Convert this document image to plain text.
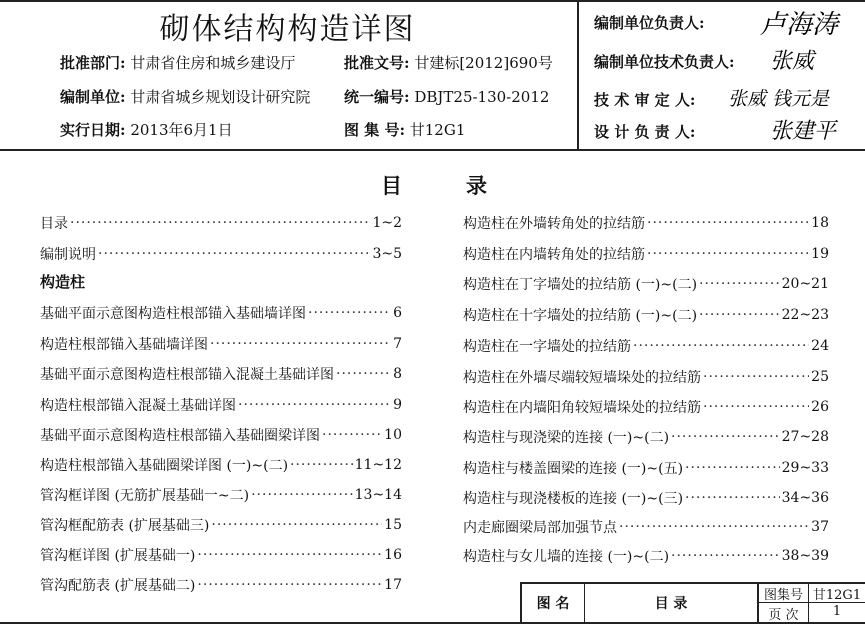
砌体结构构造详图
批准部门: 甘肃省住房和城乡建设厅	批准文号: 甘建标[2012]690号
编制单位: 甘肃省城乡规划设计研究院 统一编号: DBJT25-130-2012
实行日期: 2013年6月1日	图 集 号: 甘12G1
编制单位负责人: 卢海涛
编制单位技术负责人: 张威
技 术 审 定 人: 张威 钱元是
设 计 负 责 人:	张建平
目	录
目录 ·····	1~2
编制说明 ·····	3~5
构造柱
基础平面示意图构造柱根部锚入基础墙详图 ·····	6
构造柱根部锚入基础墙详图 ·····	7
基础平面示意图构造柱根部锚入混凝土基础详图 ·····	8
构造柱根部锚入混凝土基础详图 ·····	9
基础平面示意图构造柱根部锚入基础圈梁详图 ·····	10
构造柱根部锚入基础圈梁详图 (一)~(二) ·····	11~12
管沟框详图 (无筋扩展基础一~二) ·····	13~14
管沟框配筋表 (扩展基础三) ·····	15
管沟框详图 (扩展基础一) ·····	16
管沟配筋表 (扩展基础二) ·····	17
构造柱在外墙转角处的拉结筋 ·····	18
构造柱在内墙转角处的拉结筋 ·····	19
构造柱在丁字墙处的拉结筋 (一)~(二) ·····	20~21
构造柱在十字墙处的拉结筋 (一)~(二) ·····	22~23
构造柱在一字墙处的拉结筋 ·····	24
构造柱在外墙尽端较短墙垛处的拉结筋 ·····	25
构造柱在内墙阳角较短墙垛处的拉结筋 ·····	26
构造柱与现浇梁的连接 (一)~(二) ·····	27~28
构造柱与楼盖圈梁的连接 (一)~(五) ·····	29~33
构造柱与现浇楼板的连接 (一)~(三) ·····	34~36
内走廊圈梁局部加强节点 ·····	37
构造柱与女儿墙的连接 (一)~(二) ·····	38~39
图 名	目 录
图集号 甘12G1
页 次	1
